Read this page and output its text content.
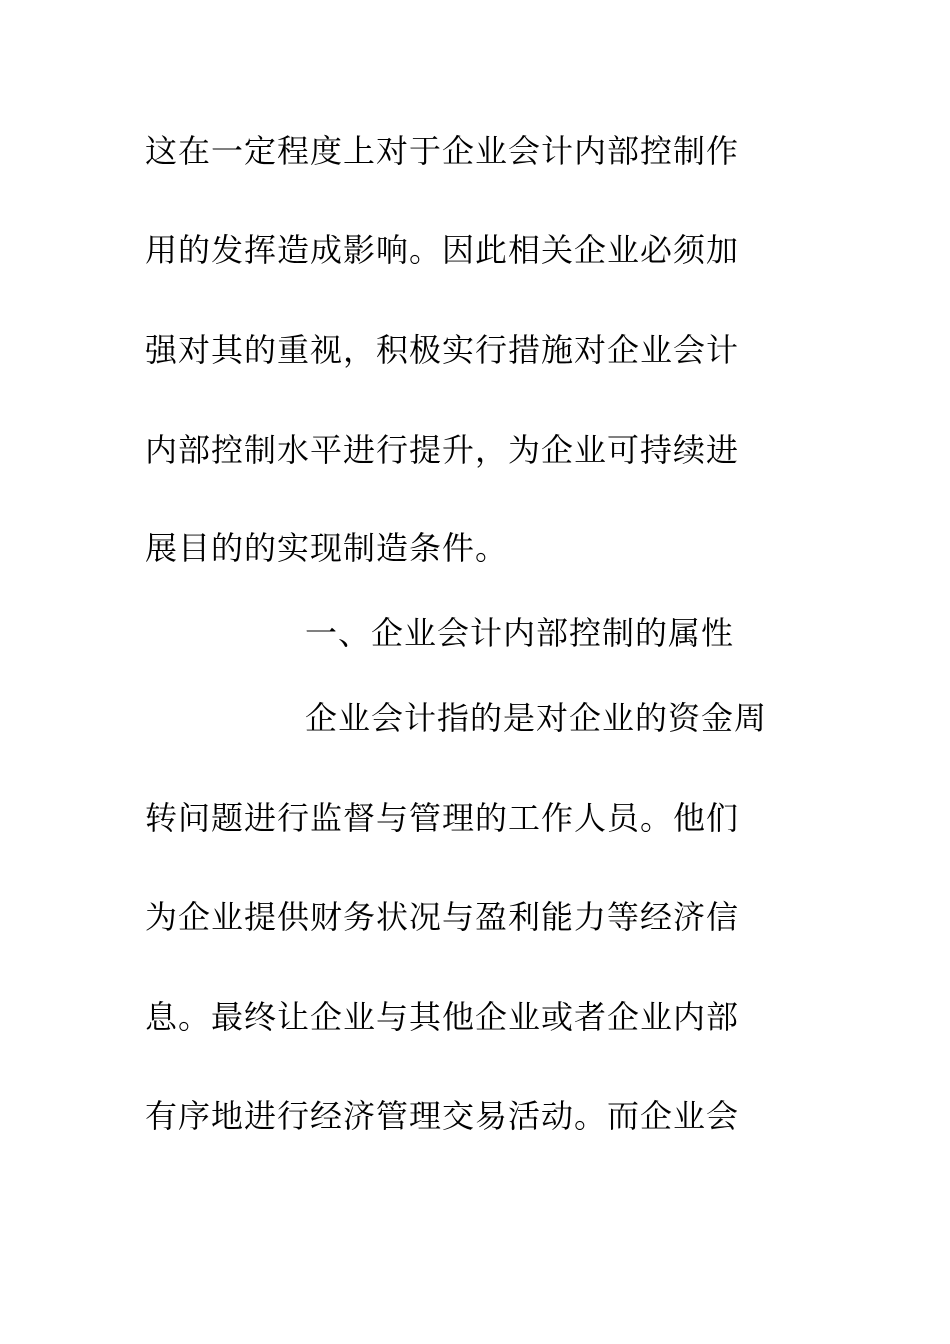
这在一定程度上对于企业会计内部控制作
用的发挥造成影响。因此相关企业必须加
强对其的重视，积极实行措施对企业会计
内部控制水平进行提升，为企业可持续进
展目的的实现制造条件。
一、企业会计内部控制的属性
企业会计指的是对企业的资金周
转问题进行监督与管理的工作人员。他们
为企业提供财务状况与盈利能力等经济信
息。最终让企业与其他企业或者企业内部
有序地进行经济管理交易活动。而企业会
